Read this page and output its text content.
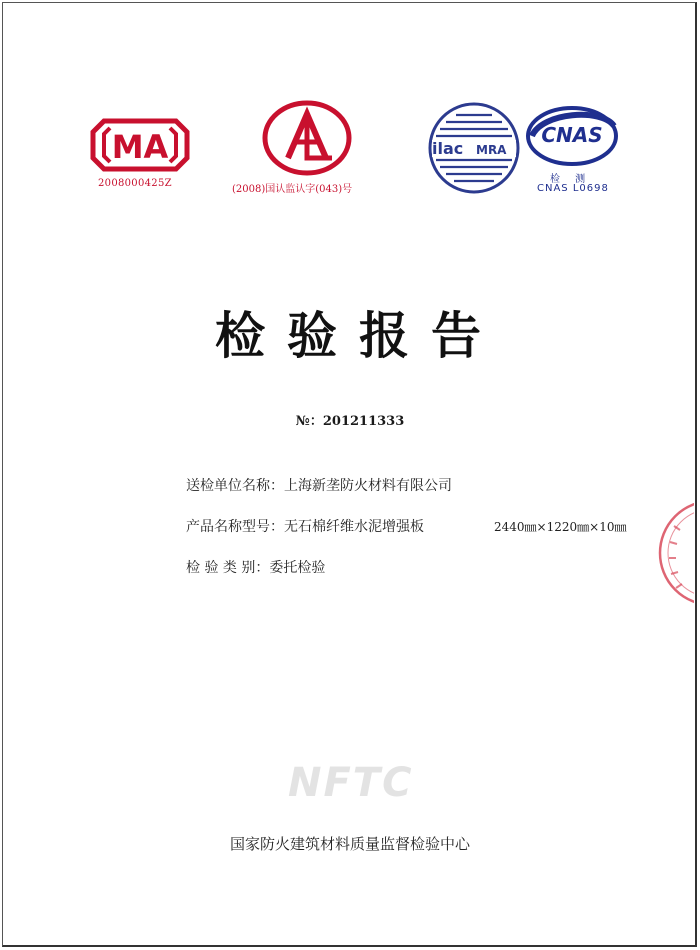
MA
2008000425Z
(2008)国认监认字(043)号
ilac MRA
CNAS
检 测
CNAS L0698
检验报告
№：201211333
送检单位名称：上海新垄防火材料有限公司
产品名称型号：无石棉纤维水泥增强板	2440㎜×1220㎜×10㎜
检 验 类 别：委托检验
NFTC
国家防火建筑材料质量监督检验中心
